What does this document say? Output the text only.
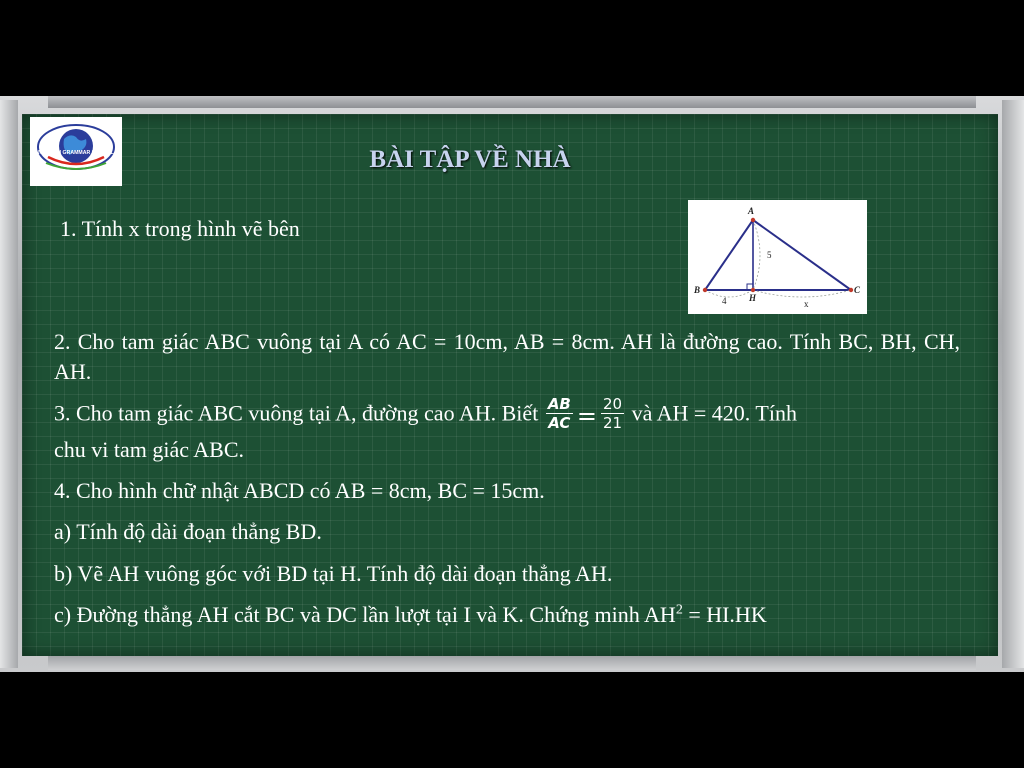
NEWTON GRAMMAR SCHOOL	BÀI TẬP VỀ NHÀ
1. Tính x trong hình vẽ bên
2. Cho tam giác ABC vuông tại A có AC = 10cm, AB = 8cm. AH là đường cao. Tính BC, BH, CH, AH.
3. Cho tam giác ABC vuông tại A, đường cao AH. Biết $\frac{AB}{AC} = \frac{20}{21}$ và AH = 420. Tính
chu vi tam giác ABC.
4. Cho hình chữ nhật ABCD có AB = 8cm, BC = 15cm.
a) Tính độ dài đoạn thẳng BD.
b) Vẽ AH vuông góc với BD tại H. Tính độ dài đoạn thẳng AH.
c) Đường thẳng AH cắt BC và DC lần lượt tại I và K. Chứng minh $AH^2 = HI.HK$
A
B	C
H
5
4	x
